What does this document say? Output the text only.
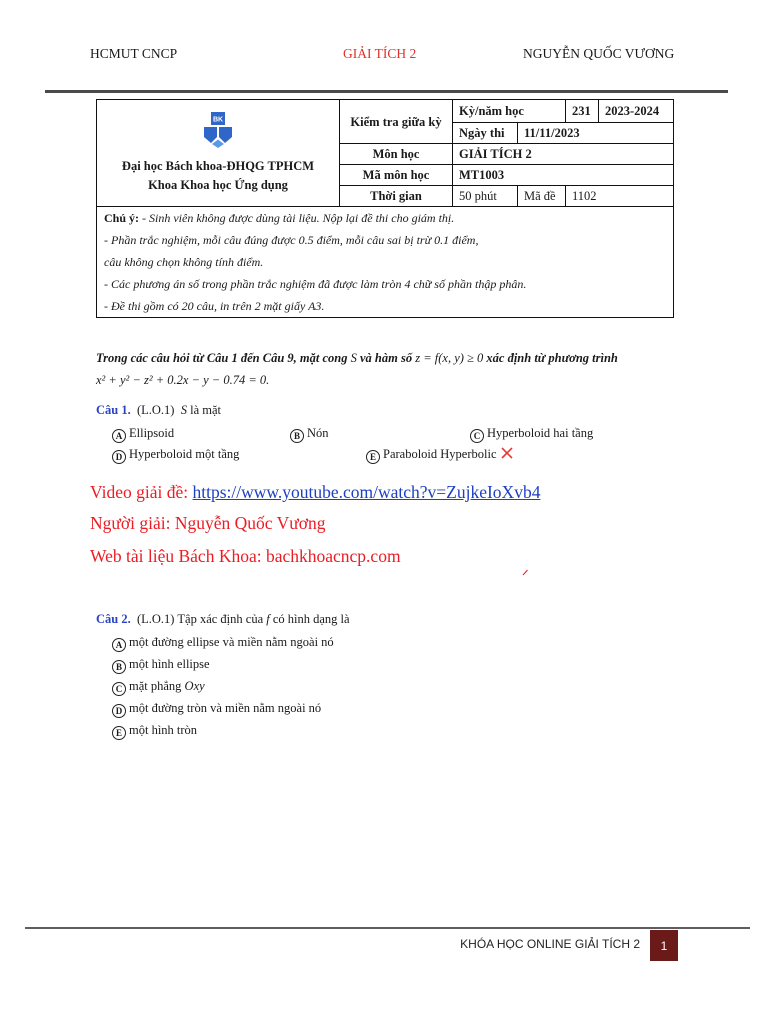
HCMUT CNCP	GIẢI TÍCH 2	NGUYỄN QUỐC VƯƠNG
BK
Đại học Bách khoa-ĐHQG TPHCM
Khoa Khoa học Ứng dụng	Kiểm tra giữa kỳ	Kỳ/năm học		231	2023-2024
		Ngày thi	11/11/2023		
	Môn học	GIẢI TÍCH 2			
	Mã môn học	MT1003			
	Thời gian	50 phút	Mã đề	1102	

Chú ý: - Sinh viên không được dùng tài liệu. Nộp lại đề thi cho giám thị.
- Phần trắc nghiệm, mỗi câu đúng được 0.5 điểm, mỗi câu sai bị trừ 0.1 điểm,
câu không chọn không tính điểm.
- Các phương án số trong phần trắc nghiệm đã được làm tròn 4 chữ số phần thập phân.
- Đề thi gồm có 20 câu, in trên 2 mặt giấy A3.					
Trong các câu hỏi từ Câu 1 đến Câu 9, mặt cong S và hàm số z = f(x, y) ≥ 0 xác định từ phương trình
x² + y² − z² + 0.2x − y − 0.74 = 0.
Câu 1. (L.O.1) S là mặt
A Ellipsoid	B Nón	C Hyperboloid hai tầng
D Hyperboloid một tầng	E Paraboloid Hyperbolic
Video giải đề: https://www.youtube.com/watch?v=ZujkeIoXvb4
Người giải: Nguyễn Quốc Vương
Web tài liệu Bách Khoa: bachkhoacncp.com
Câu 2. (L.O.1) Tập xác định của f có hình dạng là
A một đường ellipse và miền nằm ngoài nó
B một hình ellipse
C mặt phẳng Oxy
D một đường tròn và miền nằm ngoài nó
E một hình tròn
KHÓA HỌC ONLINE GIẢI TÍCH 2 1
